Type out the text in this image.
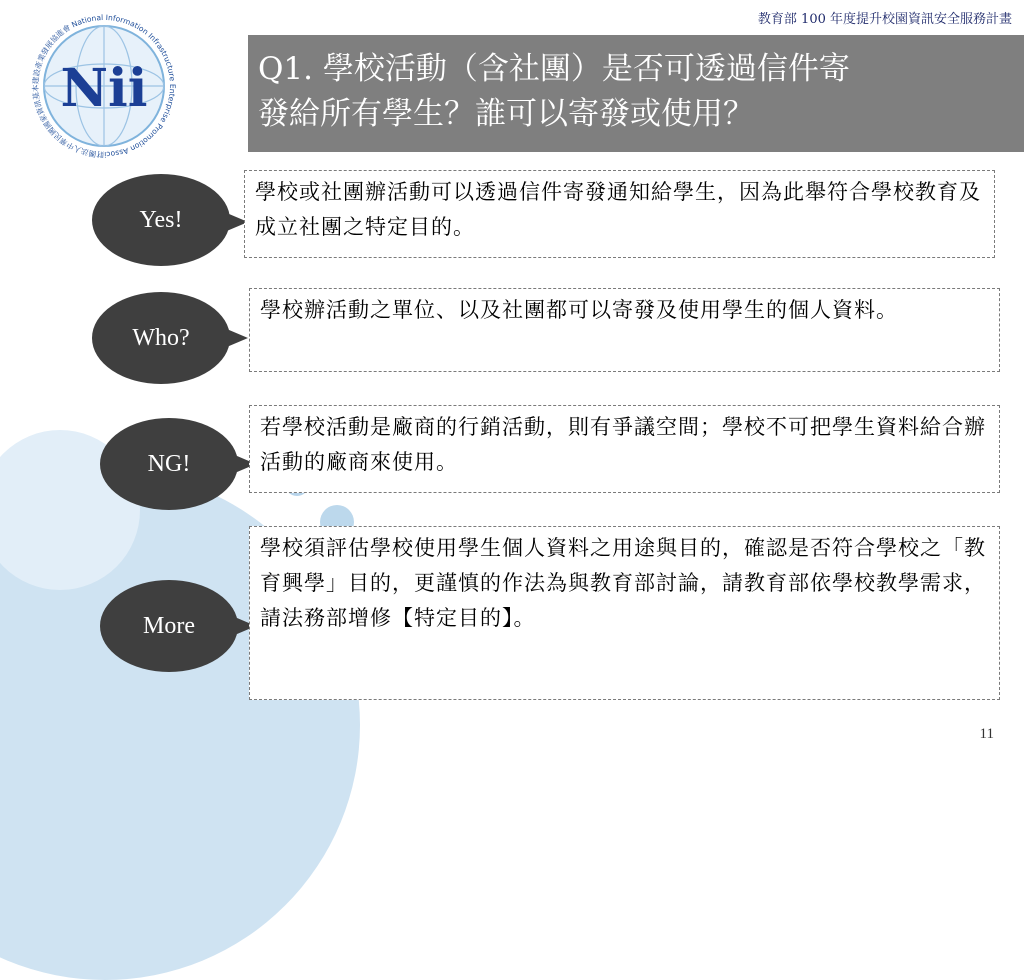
教育部 100 年度提升校園資訊安全服務計畫
財團法人中華民國國家資訊基本建設產業發展協進會 National Information Infrastructure Enterprise Promotion Associ
Nii	Q1. 學校活動（含社團）是否可透過信件寄
發給所有學生？誰可以寄發或使用？
Yes!
學校或社團辦活動可以透過信件寄發通知給學生，因為此舉符合學校教育及成立社團之特定目的。
Who?
學校辦活動之單位、以及社團都可以寄發及使用學生的個人資料。
NG!
若學校活動是廠商的行銷活動，則有爭議空間；學校不可把學生資料給合辦活動的廠商來使用。
More
學校須評估學校使用學生個人資料之用途與目的，確認是否符合學校之「教育興學」目的，更謹慎的作法為與教育部討論，請教育部依學校教學需求，請法務部增修【特定目的】。
11
